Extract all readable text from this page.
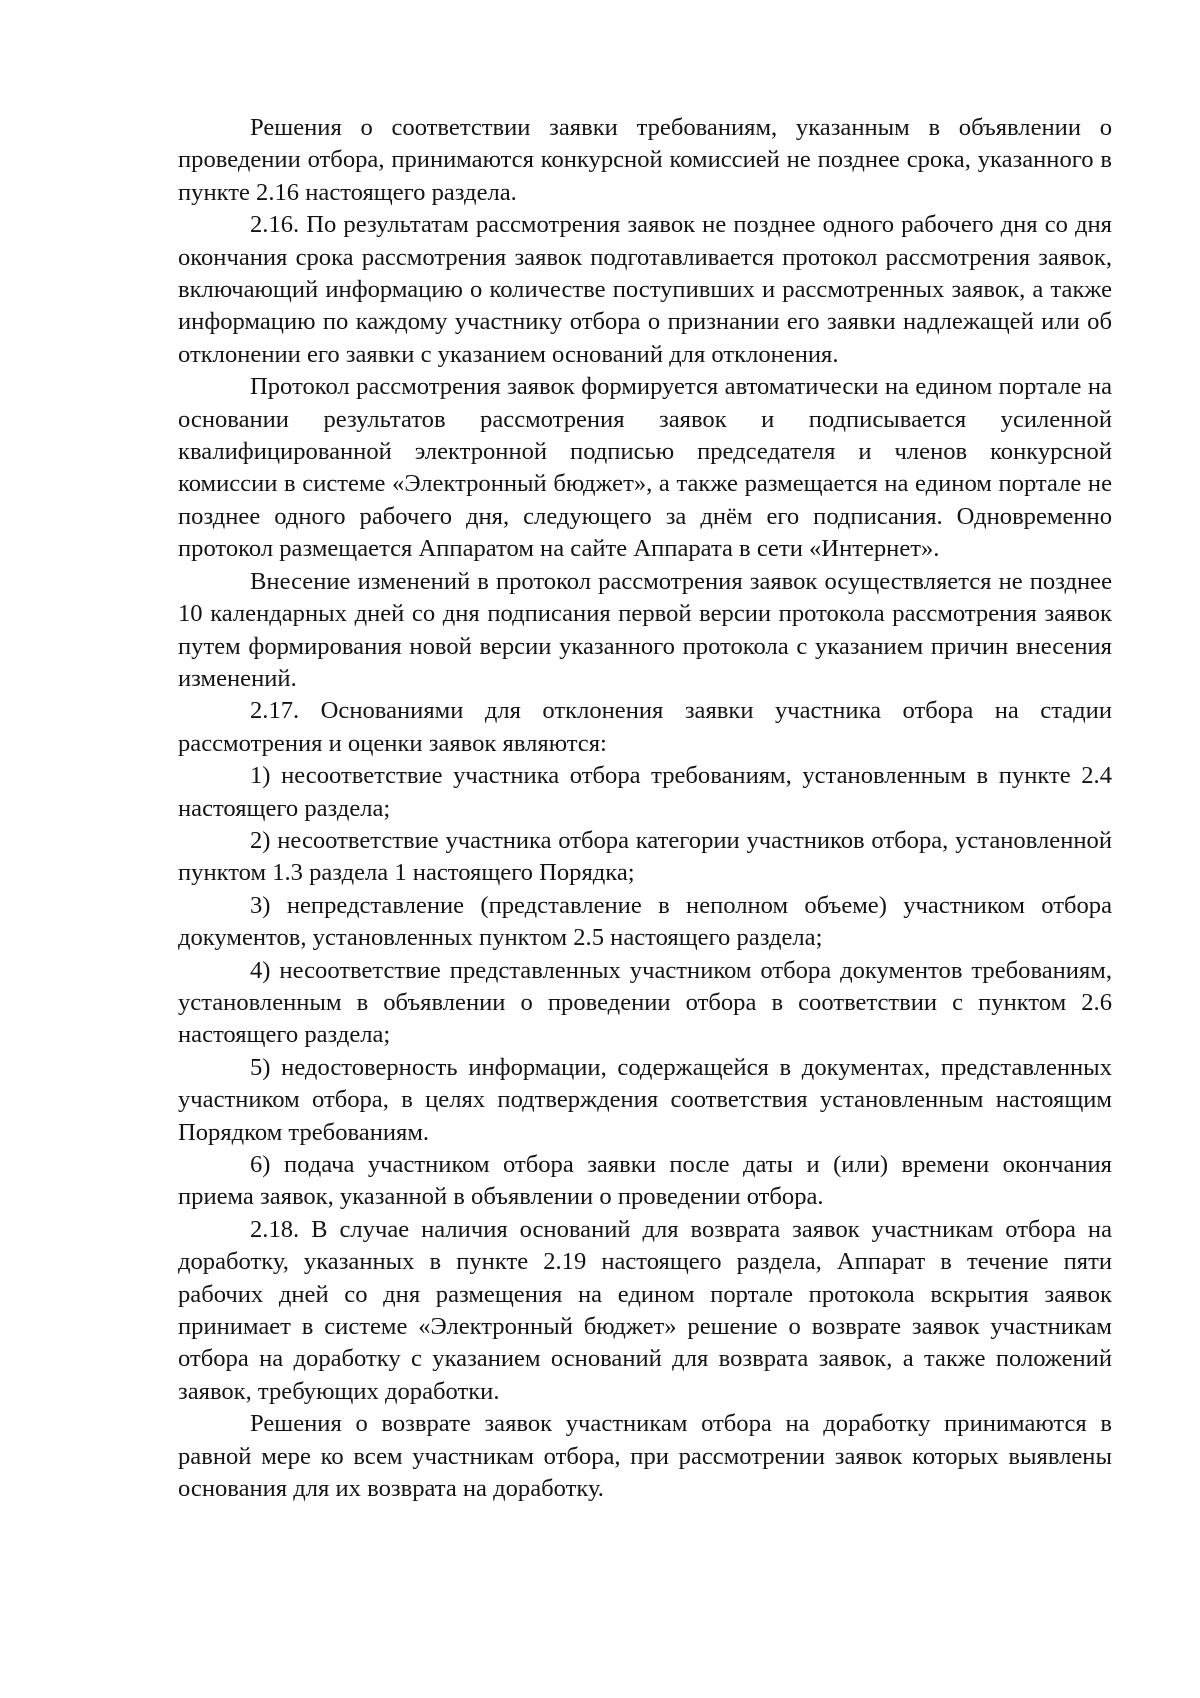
Решения о соответствии заявки требованиям, указанным в объявлении о проведении отбора, принимаются конкурсной комиссией не позднее срока, указанного в пункте 2.16 настоящего раздела.

2.16. По результатам рассмотрения заявок не позднее одного рабочего дня со дня окончания срока рассмотрения заявок подготавливается протокол рассмотрения заявок, включающий информацию о количестве поступивших и рассмотренных заявок, а также информацию по каждому участнику отбора о признании его заявки надлежащей или об отклонении его заявки с указанием оснований для отклонения.

Протокол рассмотрения заявок формируется автоматически на едином портале на основании результатов рассмотрения заявок и подписывается усиленной квалифицированной электронной подписью председателя и членов конкурсной комиссии в системе «Электронный бюджет», а также размещается на едином портале не позднее одного рабочего дня, следующего за днём его подписания. Одновременно протокол размещается Аппаратом на сайте Аппарата в сети «Интернет».

Внесение изменений в протокол рассмотрения заявок осуществляется не позднее 10 календарных дней со дня подписания первой версии протокола рассмотрения заявок путем формирования новой версии указанного протокола с указанием причин внесения изменений.

2.17. Основаниями для отклонения заявки участника отбора на стадии рассмотрения и оценки заявок являются:

1) несоответствие участника отбора требованиям, установленным в пункте 2.4 настоящего раздела;

2) несоответствие участника отбора категории участников отбора, установленной пунктом 1.3 раздела 1 настоящего Порядка;

3) непредставление (представление в неполном объеме) участником отбора документов, установленных пунктом 2.5 настоящего раздела;

4) несоответствие представленных участником отбора документов требованиям, установленным в объявлении о проведении отбора в соответствии с пунктом 2.6 настоящего раздела;

5) недостоверность информации, содержащейся в документах, представленных участником отбора, в целях подтверждения соответствия установленным настоящим Порядком требованиям.

6) подача участником отбора заявки после даты и (или) времени окончания приема заявок, указанной в объявлении о проведении отбора.

2.18. В случае наличия оснований для возврата заявок участникам отбора на доработку, указанных в пункте 2.19 настоящего раздела, Аппарат в течение пяти рабочих дней со дня размещения на едином портале протокола вскрытия заявок принимает в системе «Электронный бюджет» решение о возврате заявок участникам отбора на доработку с указанием оснований для возврата заявок, а также положений заявок, требующих доработки.

Решения о возврате заявок участникам отбора на доработку принимаются в равной мере ко всем участникам отбора, при рассмотрении заявок которых выявлены основания для их возврата на доработку.
